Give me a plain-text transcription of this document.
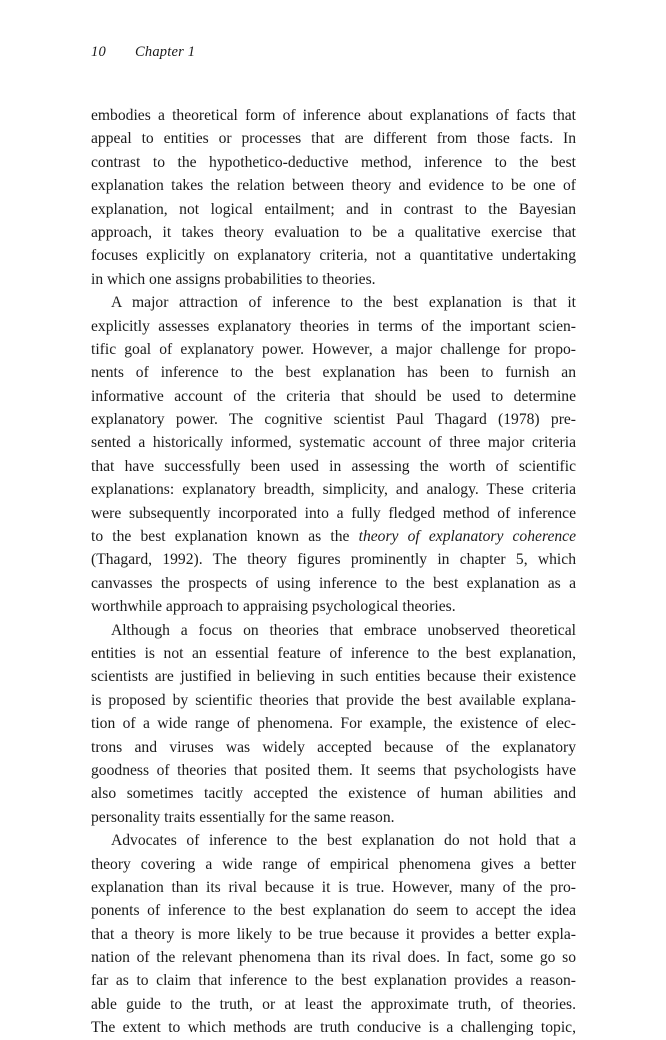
10 Chapter 1
embodies a theoretical form of inference about explanations of facts that
appeal to entities or processes that are different from those facts. In
contrast to the hypothetico-deductive method, inference to the best
explanation takes the relation between theory and evidence to be one of
explanation, not logical entailment; and in contrast to the Bayesian
approach, it takes theory evaluation to be a qualitative exercise that
focuses explicitly on explanatory criteria, not a quantitative undertaking
in which one assigns probabilities to theories.
A major attraction of inference to the best explanation is that it
explicitly assesses explanatory theories in terms of the important scien-
tific goal of explanatory power. However, a major challenge for propo-
nents of inference to the best explanation has been to furnish an
informative account of the criteria that should be used to determine
explanatory power. The cognitive scientist Paul Thagard (1978) pre-
sented a historically informed, systematic account of three major criteria
that have successfully been used in assessing the worth of scientific
explanations: explanatory breadth, simplicity, and analogy. These criteria
were subsequently incorporated into a fully fledged method of inference
to the best explanation known as the theory of explanatory coherence
(Thagard, 1992). The theory figures prominently in chapter 5, which
canvasses the prospects of using inference to the best explanation as a
worthwhile approach to appraising psychological theories.
Although a focus on theories that embrace unobserved theoretical
entities is not an essential feature of inference to the best explanation,
scientists are justified in believing in such entities because their existence
is proposed by scientific theories that provide the best available explana-
tion of a wide range of phenomena. For example, the existence of elec-
trons and viruses was widely accepted because of the explanatory
goodness of theories that posited them. It seems that psychologists have
also sometimes tacitly accepted the existence of human abilities and
personality traits essentially for the same reason.
Advocates of inference to the best explanation do not hold that a
theory covering a wide range of empirical phenomena gives a better
explanation than its rival because it is true. However, many of the pro-
ponents of inference to the best explanation do seem to accept the idea
that a theory is more likely to be true because it provides a better expla-
nation of the relevant phenomena than its rival does. In fact, some go so
far as to claim that inference to the best explanation provides a reason-
able guide to the truth, or at least the approximate truth, of theories.
The extent to which methods are truth conducive is a challenging topic,
